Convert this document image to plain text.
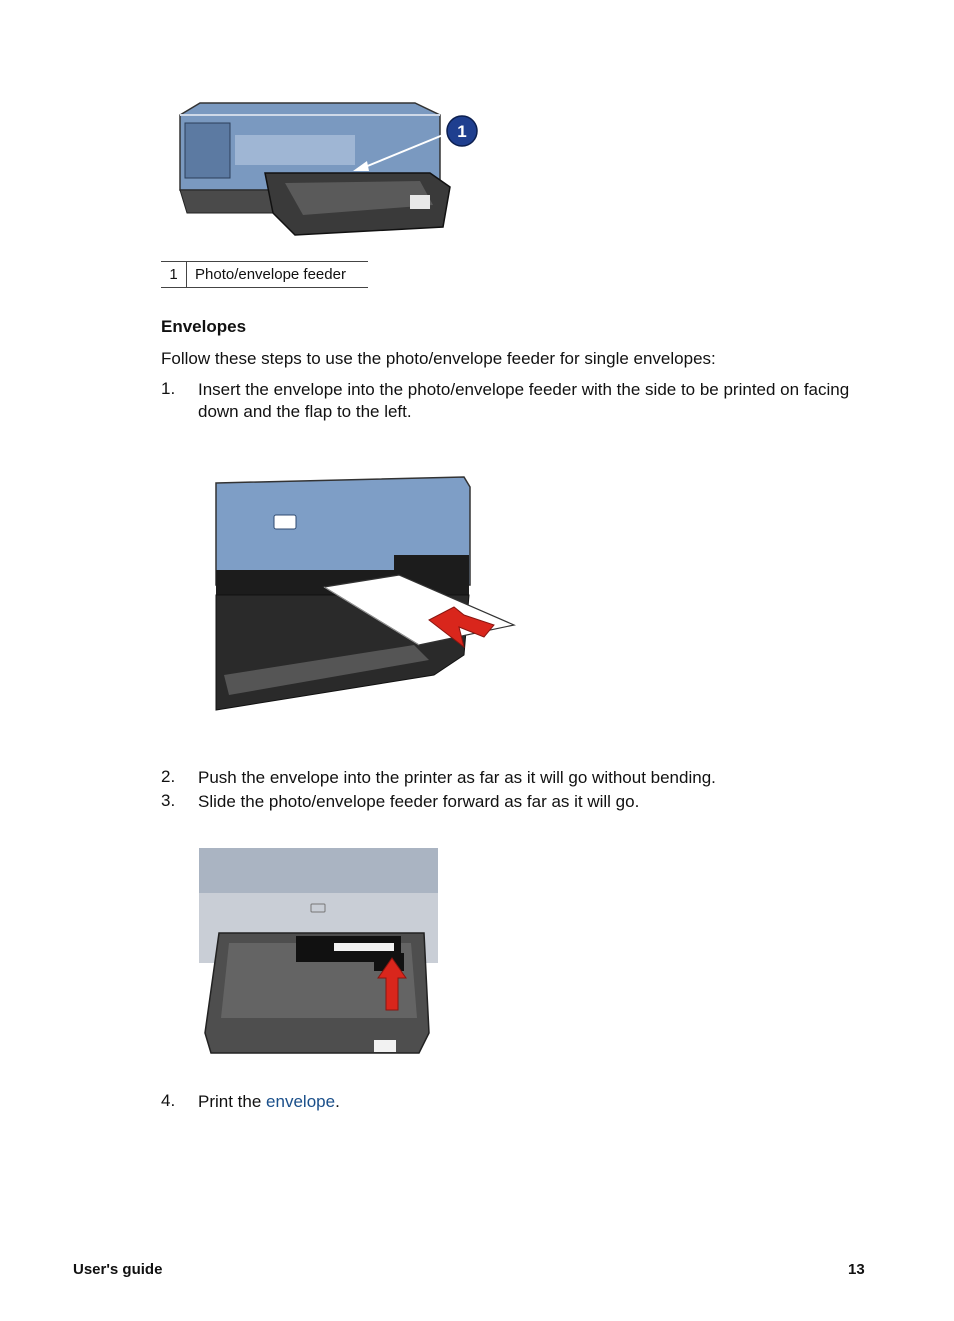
1
1	Photo/envelope feeder
Envelopes
Follow these steps to use the photo/envelope feeder for single envelopes:
1. Insert the envelope into the photo/envelope feeder with the side to be printed on facing down and the flap to the left.
2. Push the envelope into the printer as far as it will go without bending.
3. Slide the photo/envelope feeder forward as far as it will go.
4. Print the envelope.
User's guide	13
